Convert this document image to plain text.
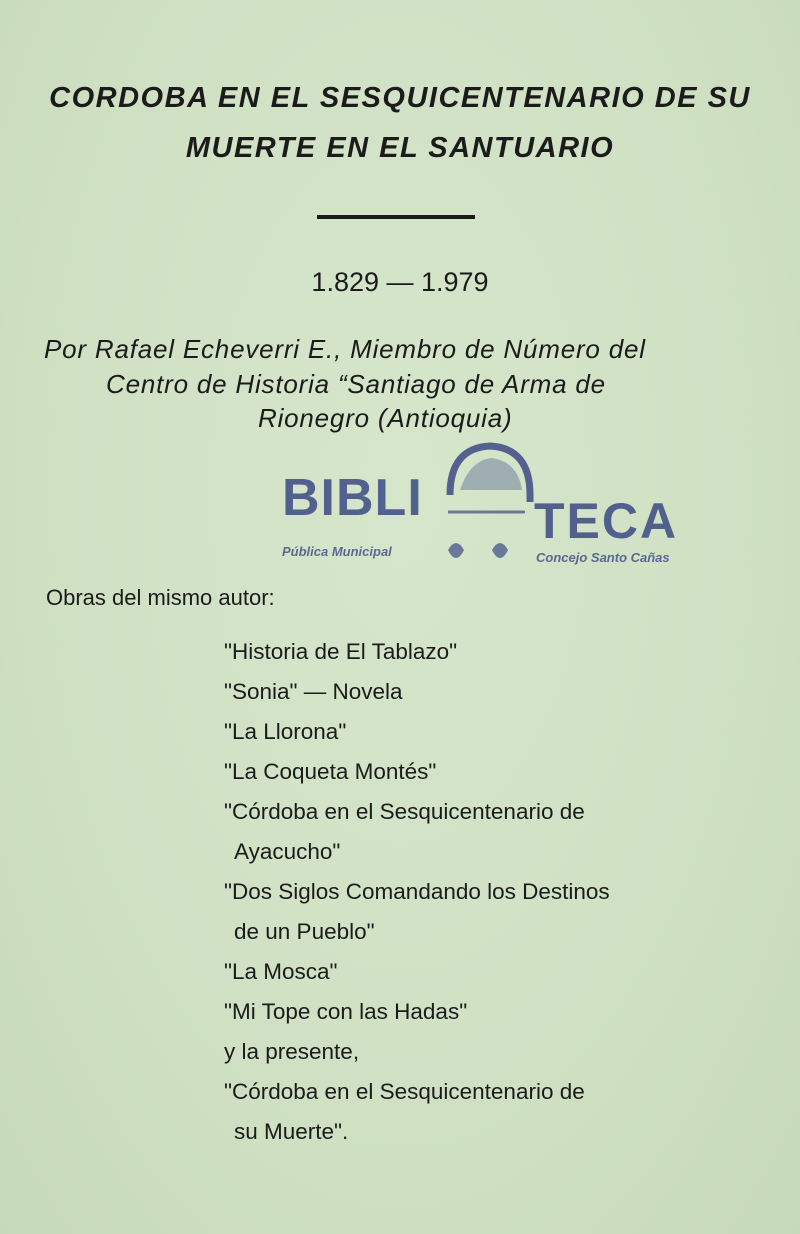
CORDOBA EN EL SESQUICENTENARIO DE SU
MUERTE EN EL SANTUARIO
1.829 — 1.979
Por Rafael Echeverri E., Miembro de Número del
Centro de Historia “Santiago de Arma de
Rionegro (Antioquia)
BIBLI TECA
Pública Municipal	Concejo Santo Cañas
Obras del mismo autor:

"Historia de El Tablazo"

"Sonia" — Novela

"La Llorona"

"La Coqueta Montés"

"Córdoba en el Sesquicentenario de
Ayacucho"

"Dos Siglos Comandando los Destinos
de un Pueblo"

"La Mosca"

"Mi Tope con las Hadas"

y la presente,

"Córdoba en el Sesquicentenario de
su Muerte".
